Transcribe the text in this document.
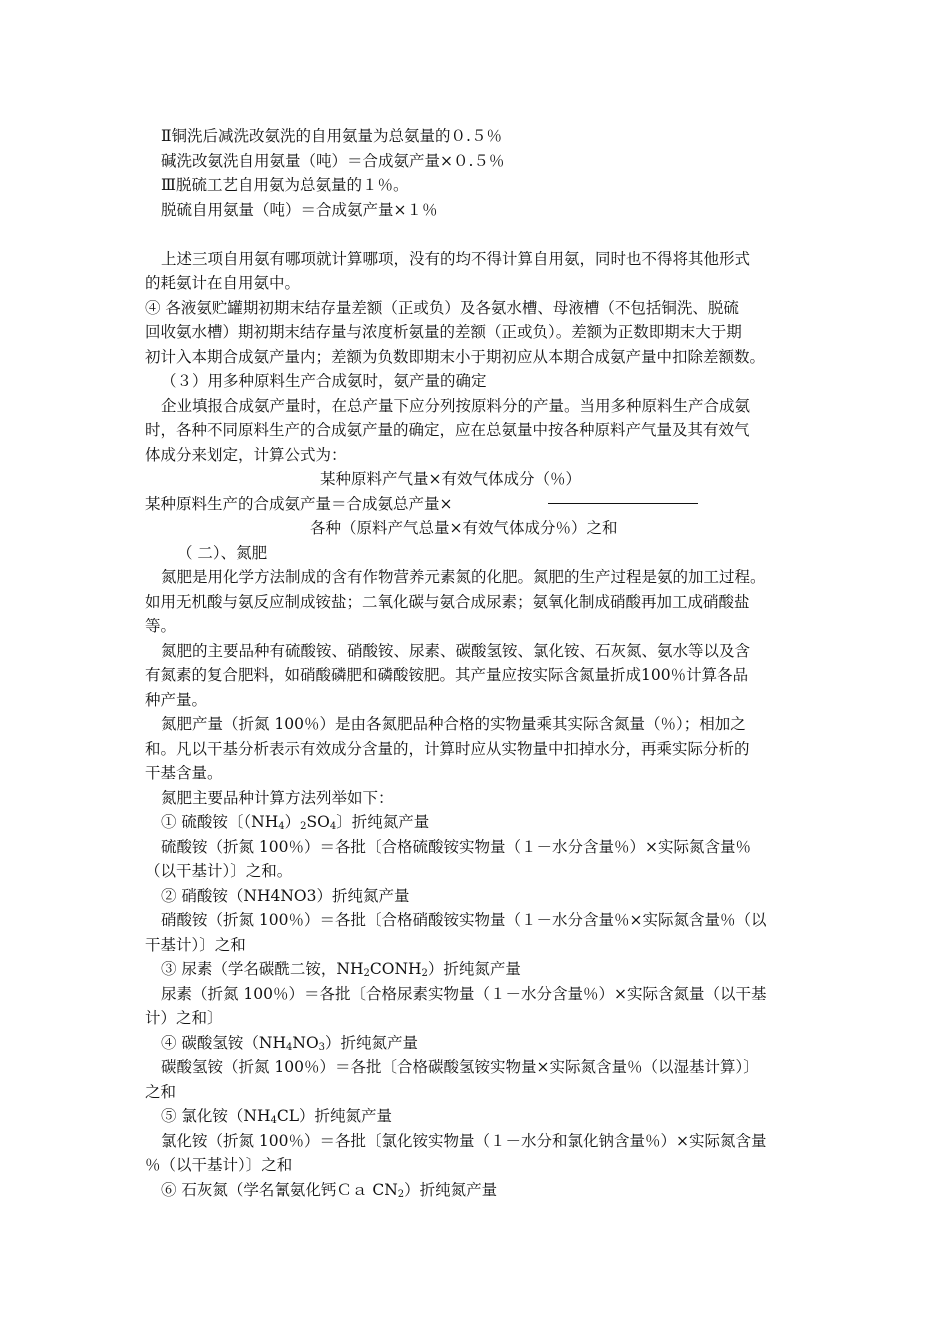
Ⅱ铜洗后减洗改氨洗的自用氨量为总氨量的０.５％
碱洗改氨洗自用氨量（吨）＝合成氨产量×０.５％
Ⅲ脱硫工艺自用氨为总氨量的１％。
脱硫自用氨量（吨）＝合成氨产量×１％
上述三项自用氨有哪项就计算哪项，没有的均不得计算自用氨，同时也不得将其他形式
的耗氨计在自用氨中。
④ 各液氨贮罐期初期末结存量差额（正或负）及各氨水槽、母液槽（不包括铜洗、脱硫
回收氨水槽）期初期末结存量与浓度析氨量的差额（正或负）。差额为正数即期末大于期
初计入本期合成氨产量内；差额为负数即期末小于期初应从本期合成氨产量中扣除差额数。
（３）用多种原料生产合成氨时，氨产量的确定
企业填报合成氨产量时，在总产量下应分列按原料分的产量。当用多种原料生产合成氨
时，各种不同原料生产的合成氨产量的确定，应在总氨量中按各种原料产气量及其有效气
体成分来划定，计算公式为：
某种原料产气量×有效气体成分（％）
某种原料生产的合成氨产量＝合成氨总产量×
各种（原料产气总量×有效气体成分％）之和
（ 二）、氮肥
氮肥是用化学方法制成的含有作物营养元素氮的化肥。氮肥的生产过程是氨的加工过程。
如用无机酸与氨反应制成铵盐；二氧化碳与氨合成尿素；氨氧化制成硝酸再加工成硝酸盐
等。
氮肥的主要品种有硫酸铵、硝酸铵、尿素、碳酸氢铵、氯化铵、石灰氮、氨水等以及含
有氮素的复合肥料，如硝酸磷肥和磷酸铵肥。其产量应按实际含氮量折成100％计算各品
种产量。
氮肥产量（折氮 100％）是由各氮肥品种合格的实物量乘其实际含氮量（％）；相加之
和。凡以干基分析表示有效成分含量的，计算时应从实物量中扣掉水分，再乘实际分析的
干基含量。
氮肥主要品种计算方法列举如下：
① 硫酸铵〔$(NH_4)_2SO_4$〕折纯氮产量
硫酸铵（折氮 100％）＝各批〔合格硫酸铵实物量（１－水分含量％）×实际氮含量％
（以干基计）〕之和。
② 硝酸铵（NH4NO3）折纯氮产量
硝酸铵（折氮 100％）＝各批〔合格硝酸铵实物量（１－水分含量％×实际氮含量％（以
干基计）〕之和
③ 尿素（学名碳酰二铵，$NH_2CONH_2$）折纯氮产量
尿素（折氮 100％）＝各批〔合格尿素实物量（１－水分含量％）×实际含氮量（以干基
计）之和〕
④ 碳酸氢铵$(NH_4NO_3)$折纯氮产量
碳酸氢铵（折氮 100％）＝各批〔合格碳酸氢铵实物量×实际氮含量％（以湿基计算）〕
之和
⑤ 氯化铵$(NH_4CL)$折纯氮产量
氯化铵（折氮 100％）＝各批〔氯化铵实物量（１－水分和氯化钠含量％）×实际氮含量
％（以干基计）〕之和
⑥ 石灰氮（学名氰氨化钙Ｃａ $CN_2$）折纯氮产量
